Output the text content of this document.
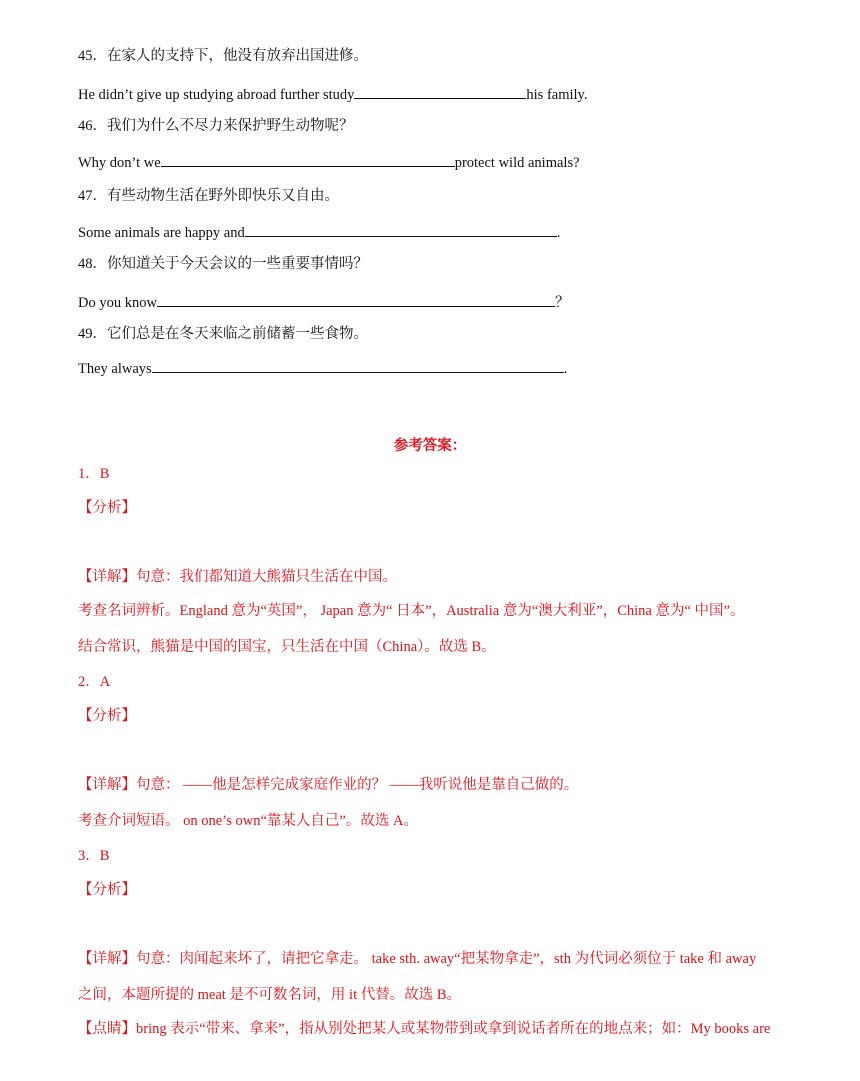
45．在家人的支持下，他没有放弃出国进修。
He didn’t give up studying abroad further study	his family.
46．我们为什么不尽力来保护野生动物呢？
Why don’t we	protect wild animals?
47．有些动物生活在野外即快乐又自由。
Some animals are happy and	.
48．你知道关于今天会议的一些重要事情吗？
Do you know	？
49．它们总是在冬天来临之前储蓄一些食物。
They always	.
参考答案：
1．B
【分析】
【详解】句意：我们都知道大熊猫只生活在中国。
考查名词辨析。England 意为“英国”， Japan 意为“ 日本”，Australia 意为“澳大利亚”，China 意为“ 中国”。
结合常识，熊猫是中国的国宝，只生活在中国（China）。故选 B。
2．A
【分析】
【详解】句意： ——他是怎样完成家庭作业的？ ——我听说他是靠自己做的。
考查介词短语。 on one’s own“靠某人自己”。故选 A。
3．B
【分析】
【详解】句意：肉闻起来坏了，请把它拿走。 take sth. away“把某物拿走”，sth 为代词必须位于 take 和 away
之间，本题所提的 meat 是不可数名词，用 it 代替。故选 B。
【点睛】bring 表示“带来、拿来”，指从别处把某人或某物带到或拿到说话者所在的地点来；如：My books are
